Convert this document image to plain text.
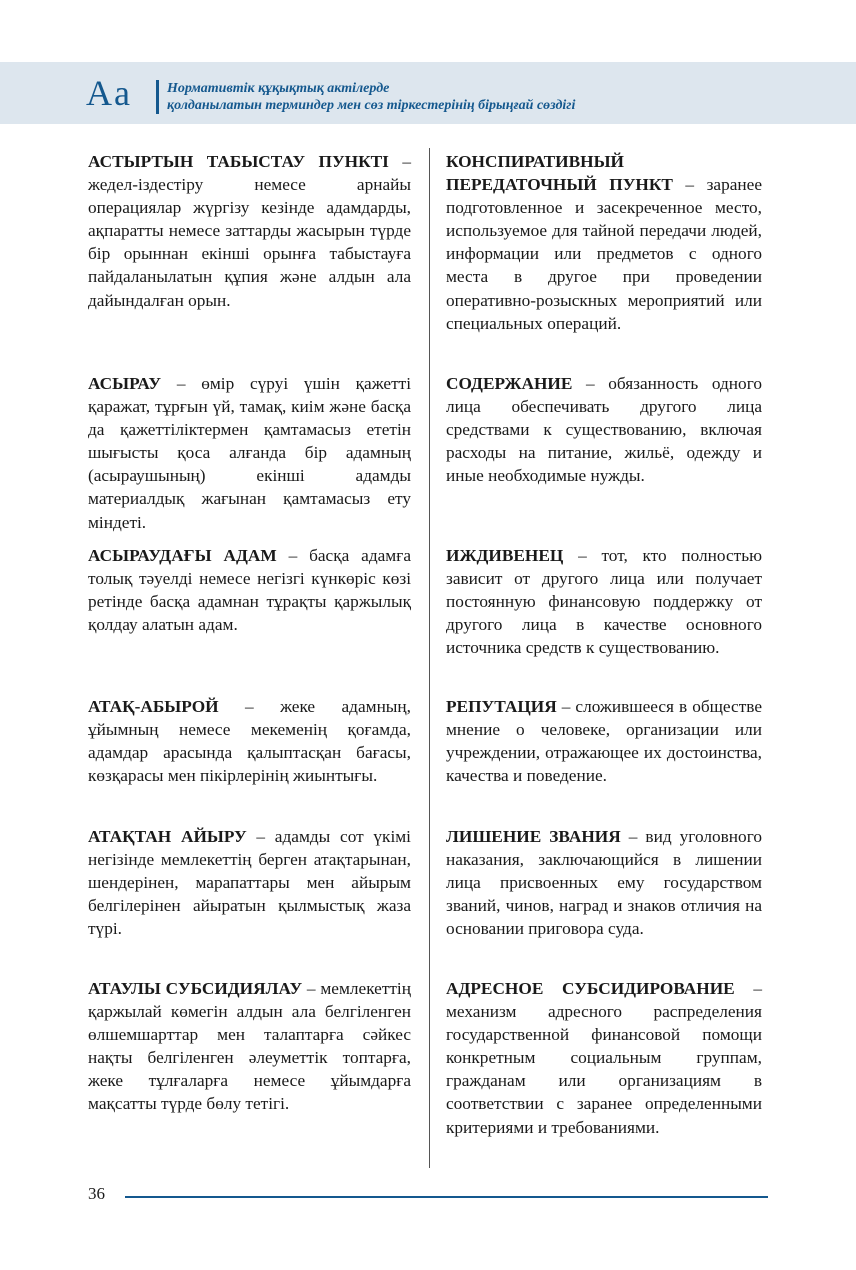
Aa	Нормативтік құқықтық актілерде
қолданылатын терминдер мен сөз тіркестерінің бірыңғай сөздігі
АСТЫРТЫН ТАБЫСТАУ ПУНКТІ – жедел-іздестіру немесе арнайы операциялар жүргізу кезінде адамдарды, ақпаратты немесе заттарды жасырын түрде бір орыннан екінші орынға табыстауға пайдаланылатын құпия және алдын ала дайындалған орын.
АСЫРАУ – өмір сүруі үшін қажетті қаражат, тұрғын үй, тамақ, киім және басқа да қажеттіліктермен қамтамасыз ететін шығысты қоса алғанда бір адамның (асыраушының) екінші адамды материалдық жағынан қамтамасыз ету міндеті.
АСЫРАУДАҒЫ АДАМ – басқа адамға толық тәуелді немесе негізгі күнкөріс көзі ретінде басқа адамнан тұрақты қаржылық қолдау алатын адам.
АТАҚ-АБЫРОЙ – жеке адамның, ұйымның немесе мекеменің қоғамда, адамдар арасында қалыптасқан бағасы, көзқарасы мен пікірлерінің жиынтығы.
АТАҚТАН АЙЫРУ – адамды сот үкімі негізінде мемлекеттің берген атақтарынан, шендерінен, марапаттары мен айырым белгілерінен айыратын қылмыстық жаза түрі.
АТАУЛЫ СУБСИДИЯЛАУ – мемлекеттің қаржылай көмегін алдын ала белгіленген өлшемшарттар мен талаптарға сәйкес нақты белгіленген әлеуметтік топтарға, жеке тұлғаларға немесе ұйымдарға мақсатты түрде бөлу тетігі.
КОНСПИРАТИВНЫЙ ПЕРЕДАТОЧНЫЙ ПУНКТ – заранее подготовленное и засекреченное место, используемое для тайной передачи людей, информации или предметов с одного места в другое при проведении оперативно-розыскных мероприятий или специальных операций.
СОДЕРЖАНИЕ – обязанность одного лица обеспечивать другого лица средствами к существованию, включая расходы на питание, жильё, одежду и иные необходимые нужды.
ИЖДИВЕНЕЦ – тот, кто полностью зависит от другого лица или получает постоянную финансовую поддержку от другого лица в качестве основного источника средств к существованию.
РЕПУТАЦИЯ – сложившееся в обществе мнение о человеке, организации или учреждении, отражающее их достоинства, качества и поведение.
ЛИШЕНИЕ ЗВАНИЯ – вид уголовного наказания, заключающийся в лишении лица присвоенных ему государством званий, чинов, наград и знаков отличия на основании приговора суда.
АДРЕСНОЕ СУБСИДИРОВАНИЕ – механизм адресного распределения государственной финансовой помощи конкретным социальным группам, гражданам или организациям в соответствии с заранее определенными критериями и требованиями.
36
